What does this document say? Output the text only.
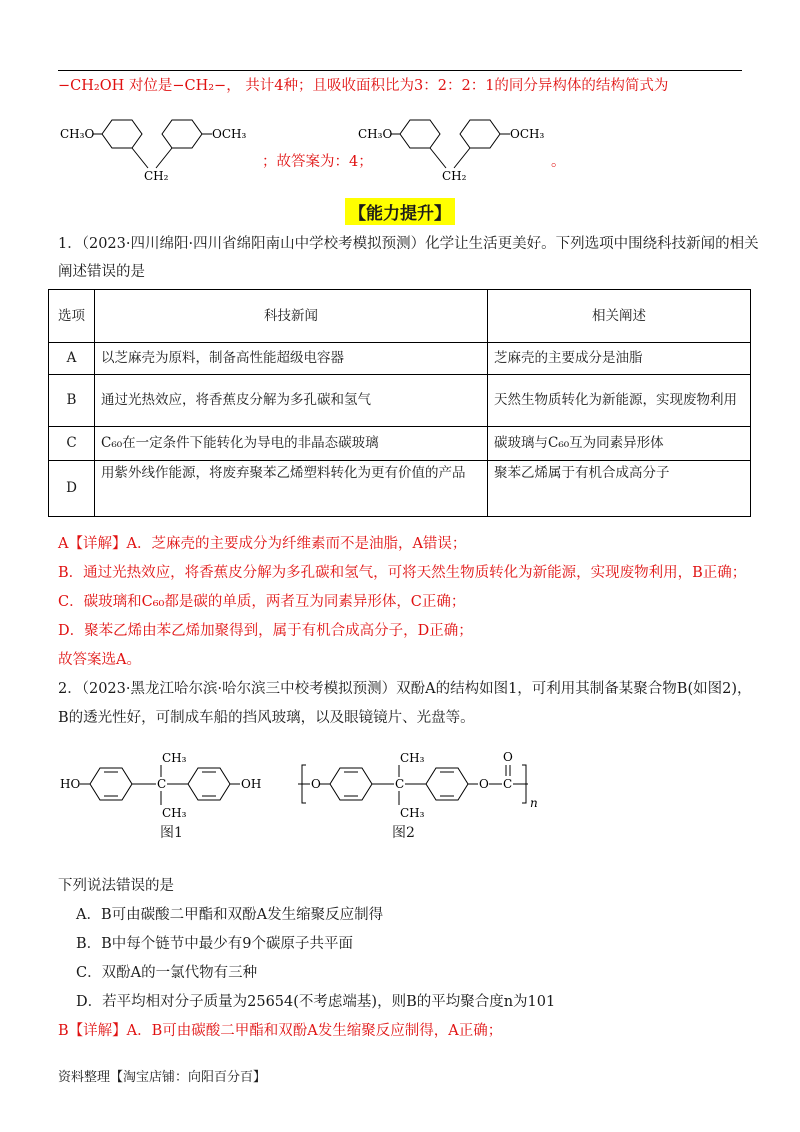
−CH₂OH 对位是−CH₂−， 共计4种；且吸收面积比为3：2：2：1的同分异构体的结构简式为
CH₃O	OCH₃
CH₂
；故答案为：4；
CH₃O	OCH₃
CH₂
。
【能力提升】
1．（2023·四川绵阳·四川省绵阳南山中学校考模拟预测）化学让生活更美好。下列选项中围绕科技新闻的相关
阐述错误的是
选项	科技新闻	相关阐述
A	以芝麻壳为原料，制备高性能超级电容器	芝麻壳的主要成分是油脂
B	通过光热效应，将香蕉皮分解为多孔碳和氢气	天然生物质转化为新能源，实现废物利用
C	C₆₀在一定条件下能转化为导电的非晶态碳玻璃	碳玻璃与C₆₀互为同素异形体
D	用紫外线作能源，将废弃聚苯乙烯塑料转化为更有价值的产品	聚苯乙烯属于有机合成高分子
A【详解】A．芝麻壳的主要成分为纤维素而不是油脂，A错误；
B．通过光热效应，将香蕉皮分解为多孔碳和氢气，可将天然生物质转化为新能源，实现废物利用，B正确；
C．碳玻璃和C₆₀都是碳的单质，两者互为同素异形体，C正确；
D．聚苯乙烯由苯乙烯加聚得到，属于有机合成高分子，D正确；
故答案选A。
2．（2023·黑龙江哈尔滨·哈尔滨三中校考模拟预测）双酚A的结构如图1，可利用其制备某聚合物B(如图2)，
B的透光性好，可制成车船的挡风玻璃，以及眼镜镜片、光盘等。
HO	C
CH₃
CH₃
OH
图1
O	C
CH₃
CH₃
O C
O
n
图2
下列说法错误的是
A．B可由碳酸二甲酯和双酚A发生缩聚反应制得
B．B中每个链节中最少有9个碳原子共平面
C．双酚A的一氯代物有三种
D．若平均相对分子质量为25654(不考虑端基)，则B的平均聚合度n为101
B【详解】A．B可由碳酸二甲酯和双酚A发生缩聚反应制得，A正确；
资料整理【淘宝店铺：向阳百分百】
